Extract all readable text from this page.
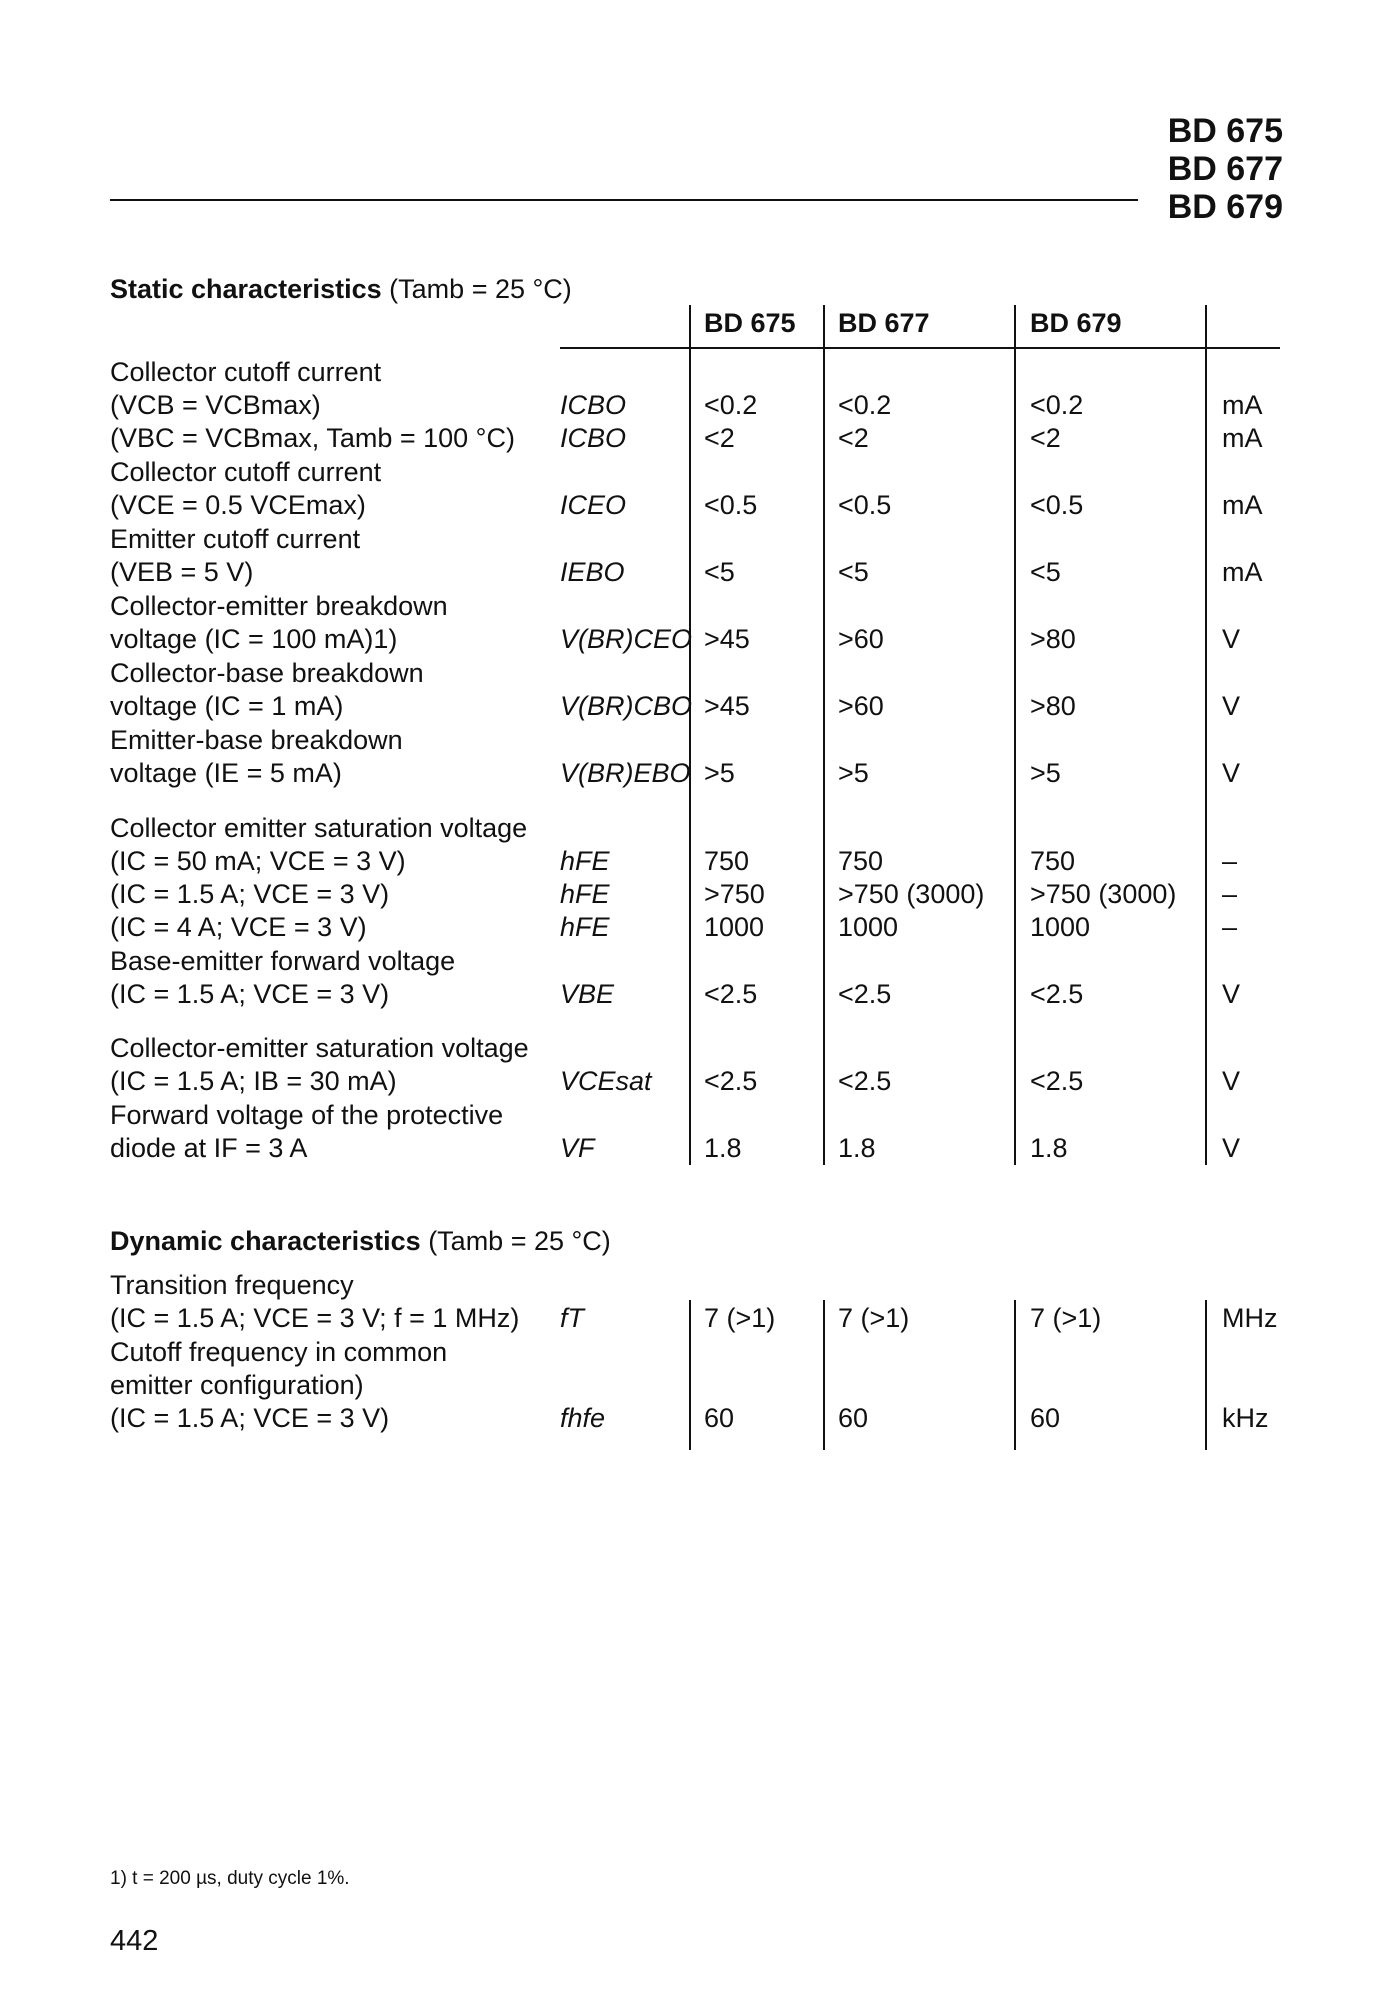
BD 675
BD 677
BD 679
Static characteristics (Tamb = 25 °C)
BD 675 BD 677	BD 679
Collector cutoff current
(VCB = VCBmax)	ICBO	<0.2	<0.2	<0.2	mA
(VBC = VCBmax, Tamb = 100 °C) ICBO	<2	<2	<2	mA
Collector cutoff current
(VCE = 0.5 VCEmax)	ICEO	<0.5	<0.5	<0.5	mA
Emitter cutoff current
(VEB = 5 V)	IEBO	<5	<5	<5	mA
Collector-emitter breakdown
voltage (IC = 100 mA)1)	V(BR)CEO >45	>60	>80	V
Collector-base breakdown
voltage (IC = 1 mA)	V(BR)CBO >45	>60	>80	V
Emitter-base breakdown
voltage (IE = 5 mA)	V(BR)EBO >5	>5	>5	V
Collector emitter saturation voltage
(IC = 50 mA; VCE = 3 V)	hFE	750	750	750	–
(IC = 1.5 A; VCE = 3 V)	hFE	>750	>750 (3000) >750 (3000) –
(IC = 4 A; VCE = 3 V)	hFE	1000	1000	1000	–
Base-emitter forward voltage
(IC = 1.5 A; VCE = 3 V)	VBE	<2.5	<2.5	<2.5	V
Collector-emitter saturation voltage
(IC = 1.5 A; IB = 30 mA)	VCEsat <2.5	<2.5	<2.5	V
Forward voltage of the protective
diode at IF = 3 A	VF	1.8	1.8	1.8	V
Dynamic characteristics (Tamb = 25 °C)
Transition frequency
(IC = 1.5 A; VCE = 3 V; f = 1 MHz) fT	7 (>1) 7 (>1)	7 (>1)	MHz
Cutoff frequency in common
emitter configuration)
(IC = 1.5 A; VCE = 3 V)	fhfe	60	60	60	kHz
1) t = 200 µs, duty cycle 1%.
442
